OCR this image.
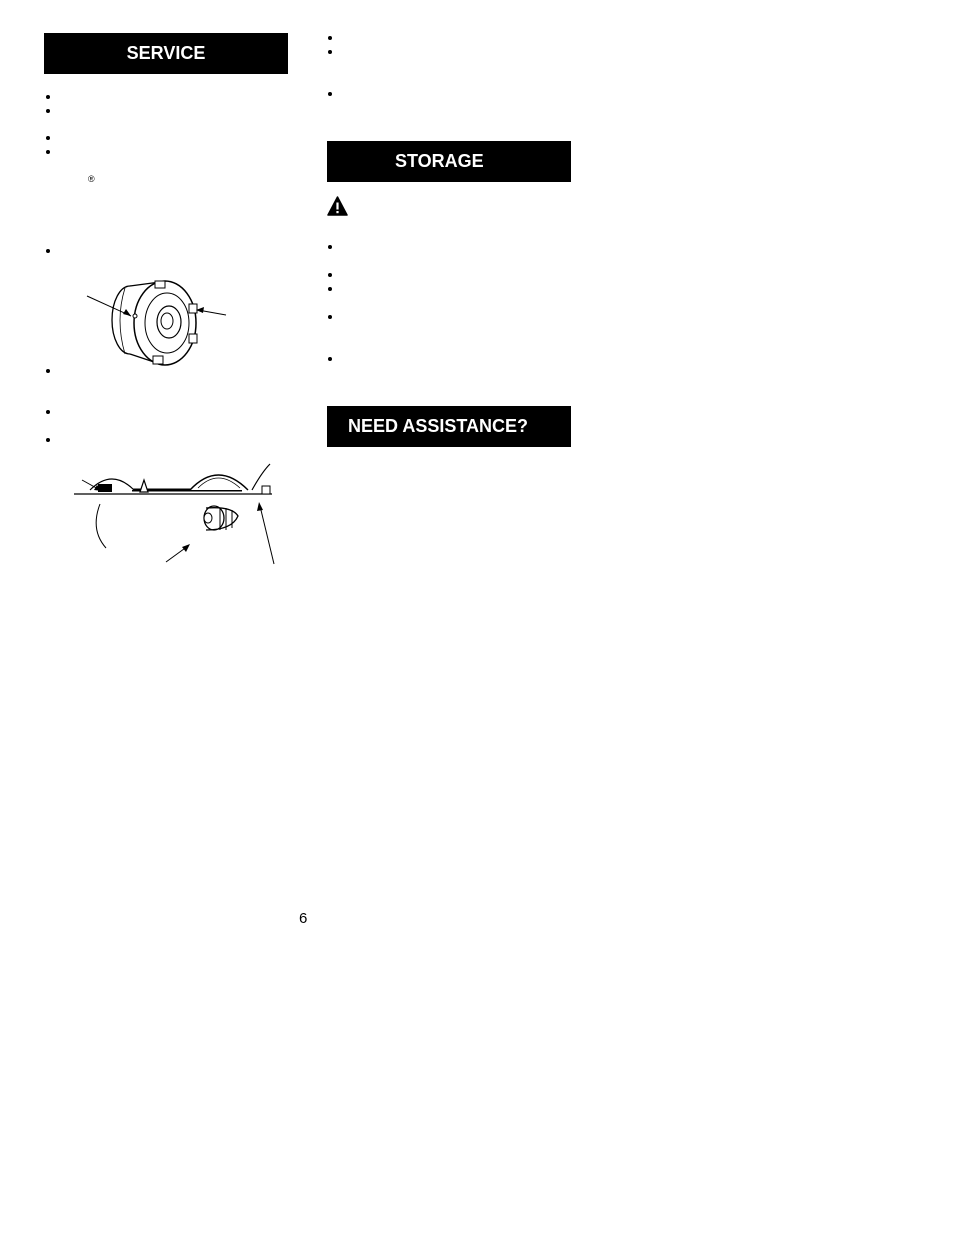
SERVICE
STORAGE
NEED ASSISTANCE?
®
6
